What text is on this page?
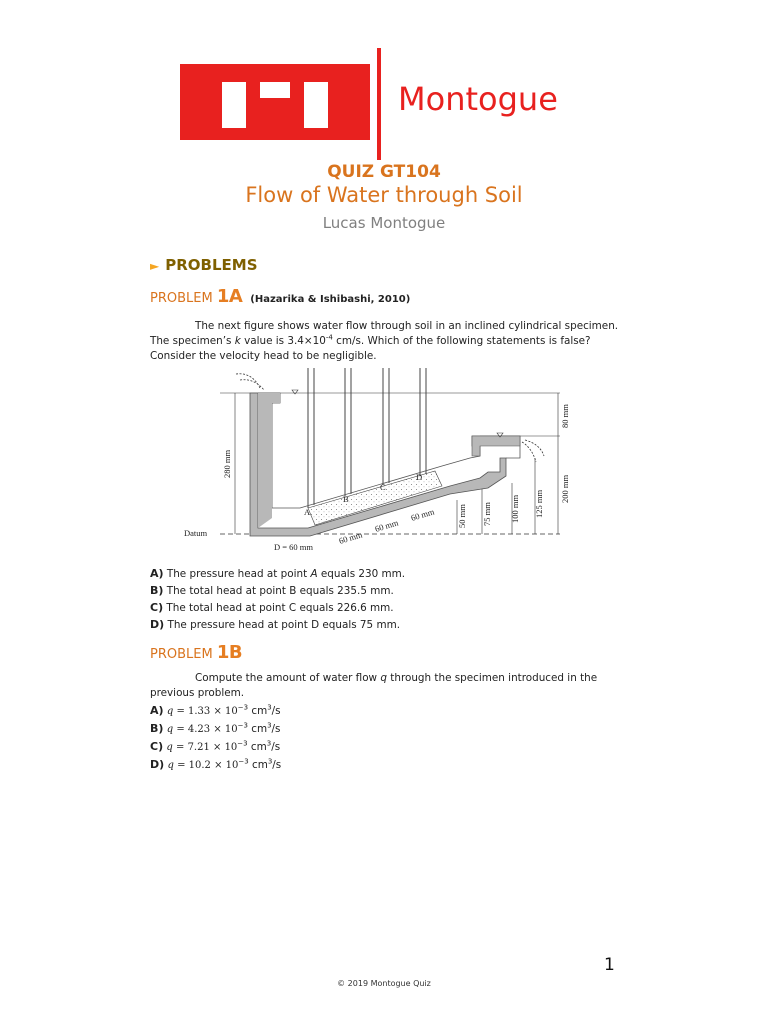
Montogue
QUIZ GT104
Flow of Water through Soil
Lucas Montogue
► PROBLEMS
PROBLEM 1A (Hazarika & Ishibashi, 2010)
The next figure shows water flow through soil in an inclined cylindrical specimen. The specimen’s k value is $3.4\times 10^{-4}$ cm/s. Which of the following statements is false? Consider the velocity head to be negligible.
A
B
C
D
Datum
D = 60 mm
280 mm
80 mm
200 mm
125 mm
100 mm
75 mm
50 mm
60 mm
60 mm
60 mm
A) The pressure head at point A equals 230 mm.
B) The total head at point B equals 235.5 mm.
C) The total head at point C equals 226.6 mm.
D) The pressure head at point D equals 75 mm.
PROBLEM 1B
Compute the amount of water flow q through the specimen introduced in the previous problem.
A) $q = 1.33 \times 10^{-3}$ $cm^3/s$
B) $q = 4.23 \times 10^{-3}$ $cm^3/s$
C) $q = 7.21 \times 10^{-3}$ $cm^3/s$
D) $q = 10.2 \times 10^{-3}$ $cm^3/s$
1
© 2019 Montogue Quiz
